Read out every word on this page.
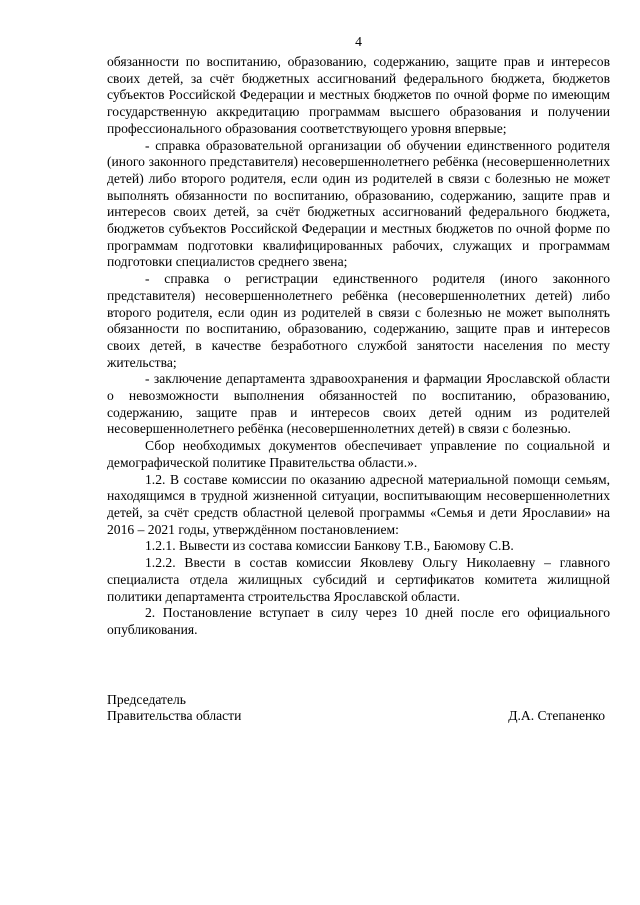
4

обязанности по воспитанию, образованию, содержанию, защите прав и интересов своих детей, за счёт бюджетных ассигнований федерального бюджета, бюджетов субъектов Российской Федерации и местных бюджетов по очной форме по имеющим государственную аккредитацию программам высшего образования и получении профессионального образования соответствующего уровня впервые;

- справка образовательной организации об обучении единственного родителя (иного законного представителя) несовершеннолетнего ребёнка (несовершеннолетних детей) либо второго родителя, если один из родителей в связи с болезнью не может выполнять обязанности по воспитанию, образованию, содержанию, защите прав и интересов своих детей, за счёт бюджетных ассигнований федерального бюджета, бюджетов субъектов Российской Федерации и местных бюджетов по очной форме по программам подготовки квалифицированных рабочих, служащих и программам подготовки специалистов среднего звена;

- справка о регистрации единственного родителя (иного законного представителя) несовершеннолетнего ребёнка (несовершеннолетних детей) либо второго родителя, если один из родителей в связи с болезнью не может выполнять обязанности по воспитанию, образованию, содержанию, защите прав и интересов своих детей, в качестве безработного службой занятости населения по месту жительства;

- заключение департамента здравоохранения и фармации Ярославской области о невозможности выполнения обязанностей по воспитанию, образованию, содержанию, защите прав и интересов своих детей одним из родителей несовершеннолетнего ребёнка (несовершеннолетних детей) в связи с болезнью.

Сбор необходимых документов обеспечивает управление по социальной и демографической политике Правительства области.».

1.2. В составе комиссии по оказанию адресной материальной помощи семьям, находящимся в трудной жизненной ситуации, воспитывающим несовершеннолетних детей, за счёт средств областной целевой программы «Семья и дети Ярославии» на 2016 – 2021 годы, утверждённом постановлением:

1.2.1. Вывести из состава комиссии Банкову Т.В., Баюмову С.В.

1.2.2. Ввести в состав комиссии Яковлеву Ольгу Николаевну – главного специалиста отдела жилищных субсидий и сертификатов комитета жилищной политики департамента строительства Ярославской области.

2. Постановление вступает в силу через 10 дней после его официального опубликования.

Председатель
Правительства области	Д.А. Степаненко
